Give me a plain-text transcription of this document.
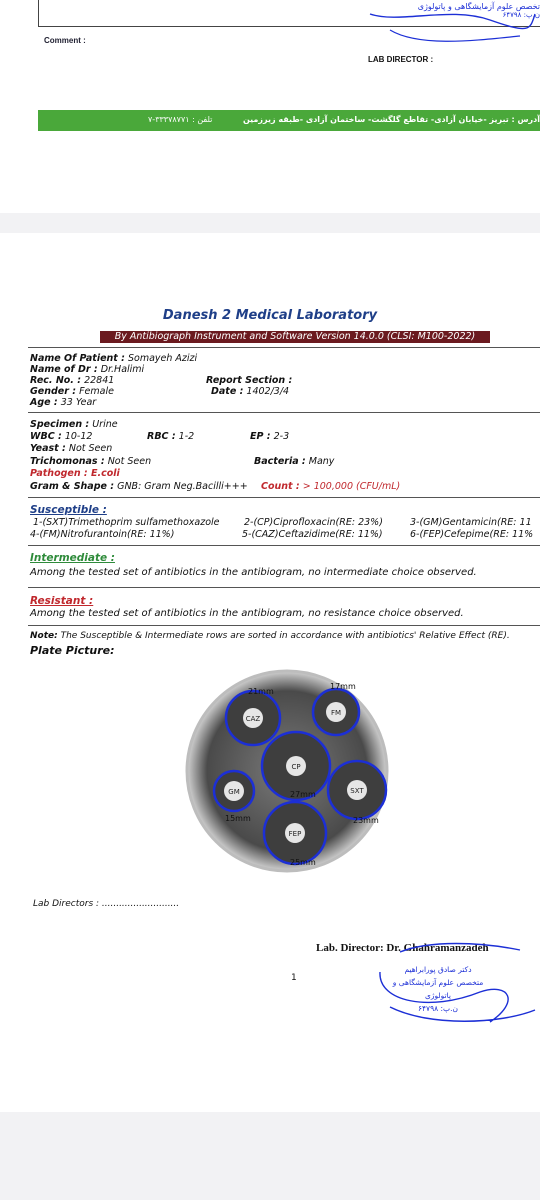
تخصص علوم آزمایشگاهی و پاتولوژی
ن.پ: ۶۴۷۹۸
Comment :
LAB DIRECTOR :
تلفن : ۳۳۳۷۸۷۷۱-۷	آدرس : تبریز -خیابان آزادی- تقاطع گلگشت- ساختمان آزادی -طبقه زیرزمین
Danesh 2 Medical Laboratory
By Antibiograph Instrument and Software Version 14.0.0 (CLSI: M100-2022)
Name Of Patient : Somayeh Azizi
Name of Dr : Dr.Halimi
Rec. No. : 22841
Gender : Female
Age : 33 Year
Report Section :
Date : 1402/3/4
Specimen : Urine
WBC : 10-12	RBC : 1-2	EP : 2-3
Yeast : Not Seen
Trichomonas : Not Seen	Bacteria : Many
Pathogen : E.coli
Gram & Shape : GNB: Gram Neg.Bacilli+++ Count : > 100,000 (CFU/mL)
Susceptible :
1-(SXT)Trimethoprim sulfamethoxazole	2-(CP)Ciprofloxacin(RE: 23%)	3-(GM)Gentamicin(RE: 11
4-(FM)Nitrofurantoin(RE: 11%)	5-(CAZ)Ceftazidime(RE: 11%)	6-(FEP)Cefepime(RE: 11%
Intermediate :
Among the tested set of antibiotics in the antibiogram, no intermediate choice observed.
Resistant :
Among the tested set of antibiotics in the antibiogram, no resistance choice observed.
Note: The Susceptible & Intermediate rows are sorted in accordance with antibiotics' Relative Effect (RE).
Plate Picture:
CAZ
21mm
FM
17mm
CP
27mm
GM
15mm
SXT
23mm
FEP
25mm
Lab Directors : ...........................
Lab. Director: Dr. Ghahramanzadeh
دکتر صادق پورابراهیم
متخصص علوم آزمایشگاهی و پاتولوژی
ن.پ: ۶۴۷۹۸
1
